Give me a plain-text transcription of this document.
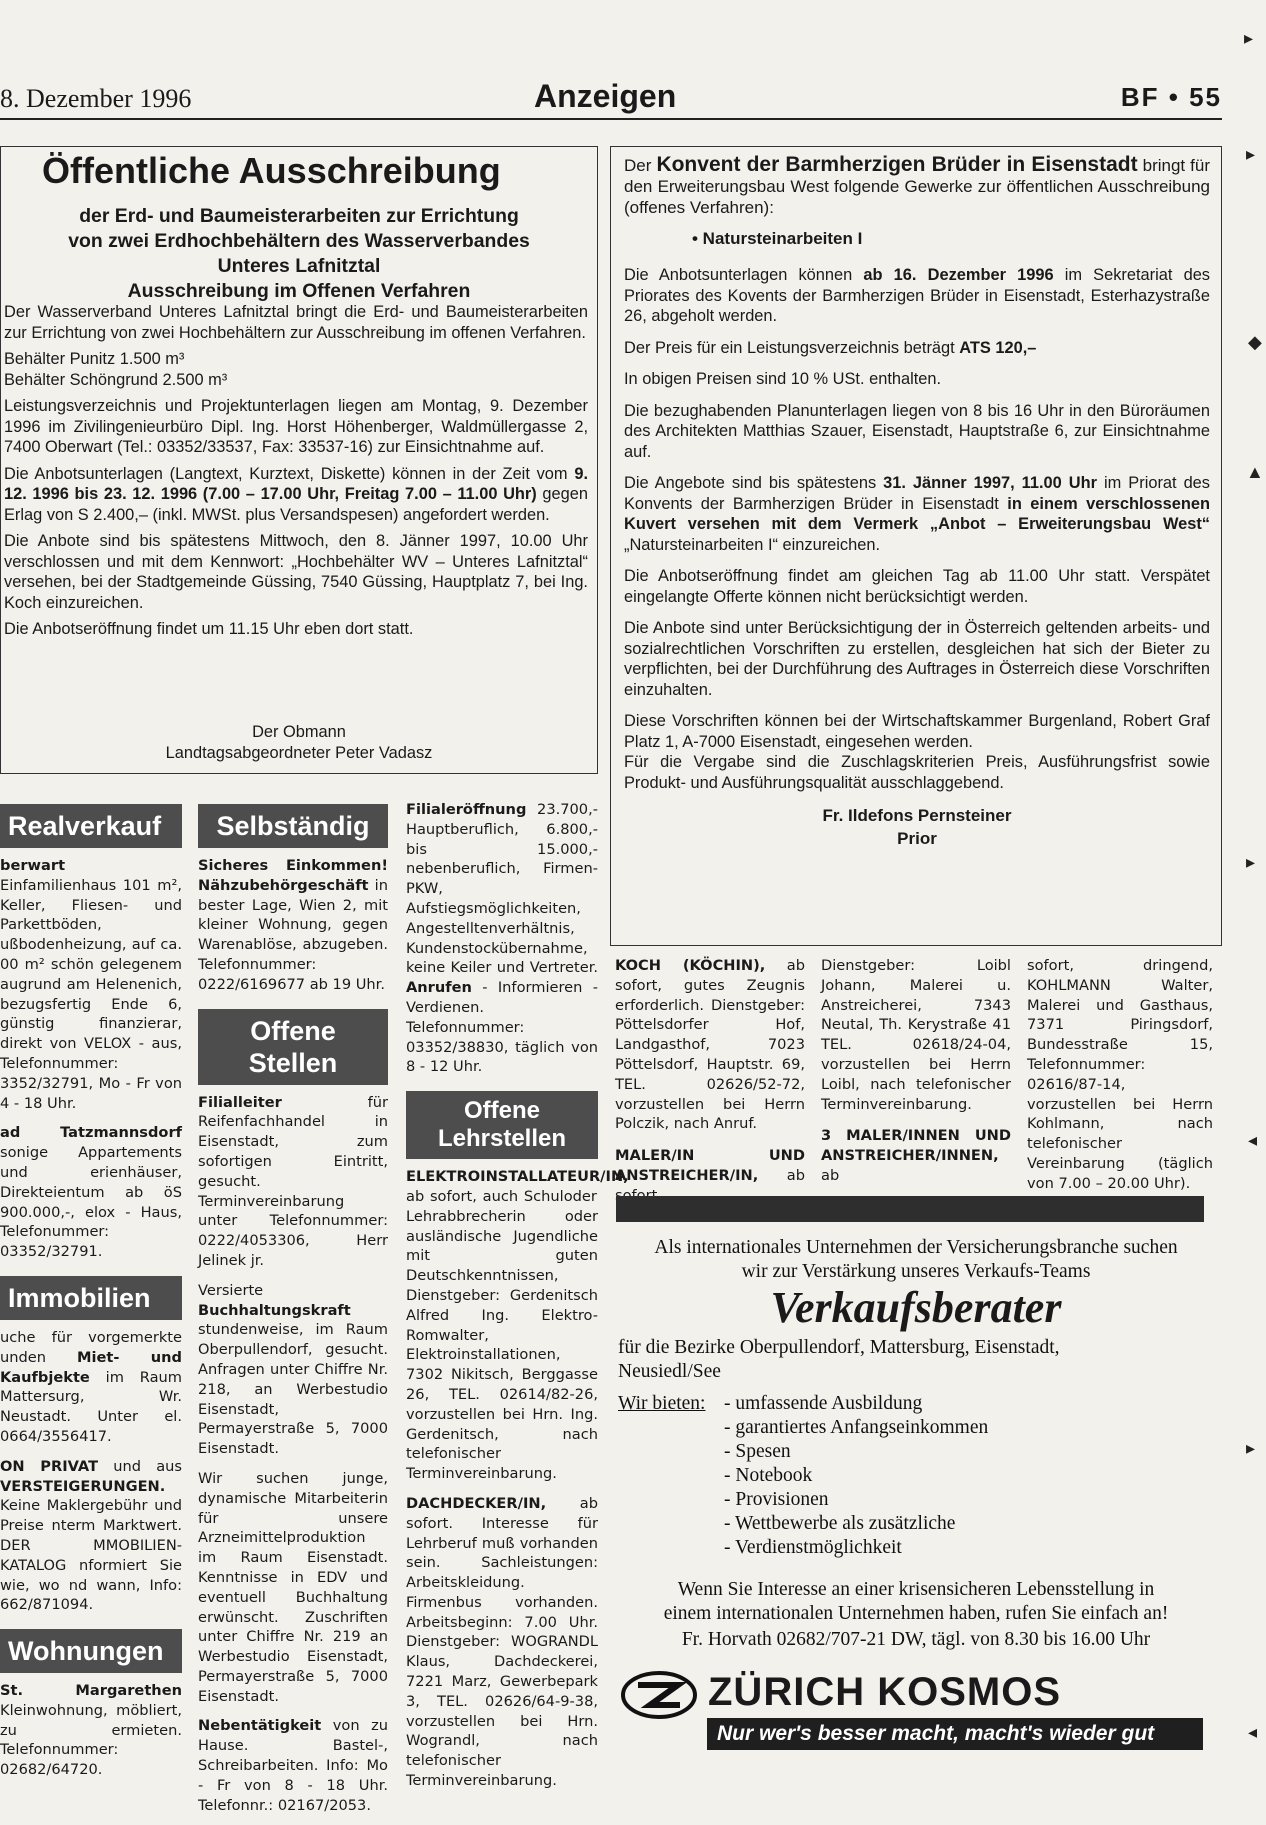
8. Dezember 1996	Anzeigen	BF • 55
Öffentliche Ausschreibung
der Erd- und Baumeisterarbeiten zur Errichtung
von zwei Erdhochbehältern des Wasserverbandes
Unteres Lafnitztal
Ausschreibung im Offenen Verfahren

Der Wasserverband Unteres Lafnitztal bringt die Erd- und Baumeisterarbeiten zur Errichtung von zwei Hochbehältern zur Ausschreibung im offenen Verfahren.

Behälter Punitz 1.500 m³

Behälter Schöngrund 2.500 m³

Leistungsverzeichnis und Projektunterlagen liegen am Montag, 9. Dezember 1996 im Zivilingenieurbüro Dipl. Ing. Horst Höhenberger, Waldmüllergasse 2, 7400 Oberwart (Tel.: 03352/33537, Fax: 33537-16) zur Einsichtnahme auf.

Die Anbotsunterlagen (Langtext, Kurztext, Diskette) können in der Zeit vom 9. 12. 1996 bis 23. 12. 1996 (7.00 – 17.00 Uhr, Freitag 7.00 – 11.00 Uhr) gegen Erlag von S 2.400,– (inkl. MWSt. plus Versandspesen) angefordert werden.

Die Anbote sind bis spätestens Mittwoch, den 8. Jänner 1997, 10.00 Uhr verschlossen und mit dem Kennwort: „Hochbehälter WV – Unteres Lafnitztal“ versehen, bei der Stadtgemeinde Güssing, 7540 Güssing, Hauptplatz 7, bei Ing. Koch einzureichen.

Die Anbotseröffnung findet um 11.15 Uhr eben dort statt.

Der Obmann
Landtagsabgeordneter Peter Vadasz

Der Konvent der Barmherzigen Brüder in Eisenstadt bringt für den Erweiterungsbau West folgende Gewerke zur öffentlichen Ausschreibung (offenes Verfahren):

• Natursteinarbeiten I

Die Anbotsunterlagen können ab 16. Dezember 1996 im Sekretariat des Priorates des Kovents der Barmherzigen Brüder in Eisenstadt, Esterhazystraße 26, abgeholt werden.

Der Preis für ein Leistungsverzeichnis beträgt ATS 120,–

In obigen Preisen sind 10 % USt. enthalten.

Die bezughabenden Planunterlagen liegen von 8 bis 16 Uhr in den Büroräumen des Architekten Matthias Szauer, Eisenstadt, Hauptstraße 6, zur Einsichtnahme auf.

Die Angebote sind bis spätestens 31. Jänner 1997, 11.00 Uhr im Priorat des Konvents der Barmherzigen Brüder in Eisenstadt in einem verschlossenen Kuvert versehen mit dem Vermerk „Anbot – Erweiterungsbau West“ „Natursteinarbeiten I“ einzureichen.

Die Anbotseröffnung findet am gleichen Tag ab 11.00 Uhr statt. Verspätet eingelangte Offerte können nicht berücksichtigt werden.

Die Anbote sind unter Berücksichtigung der in Österreich geltenden arbeits- und sozialrechtlichen Vorschriften zu erstellen, desgleichen hat sich der Bieter zu verpflichten, bei der Durchführung des Auftrages in Österreich diese Vorschriften einzuhalten.

Diese Vorschriften können bei der Wirtschaftskammer Burgenland, Robert Graf Platz 1, A-7000 Eisenstadt, eingesehen werden.

Für die Vergabe sind die Zuschlagskriterien Preis, Ausführungsfrist sowie Produkt- und Ausführungsqualität ausschlaggebend.

Fr. Ildefons Pernsteiner
Prior
Realverkauf

berwart Einfamilienhaus 101 m², Keller, Fliesen- und Parkettböden, ußbodenheizung, auf ca. 00 m² schön gelegenem augrund am Helenenich, bezugsfertig Ende 6, günstig finanzierar, direkt von VELOX - aus, Telefonnummer: 3352/32791, Mo - Fr von 4 - 18 Uhr.

ad Tatzmannsdorf sonige Appartements und erienhäuser, Direkteientum ab öS 900.000,-, elox - Haus, Telefonummer: 03352/32791.

Immobilien

uche für vorgemerkte unden Miet- und Kaufbjekte im Raum Mattersurg, Wr. Neustadt. Unter el. 0664/3556417.

ON PRIVAT und aus VERSTEIGERUNGEN. Keine Maklergebühr und Preise nterm Marktwert. DER MMOBILIEN-KATALOG nformiert Sie wie, wo nd wann, Info: 662/871094.

Wohnungen

St. Margarethen Kleinwohnung, möbliert, zu ermieten. Telefonnummer: 02682/64720.

Selbständig

Sicheres Einkommen! Nähzubehörgeschäft in bester Lage, Wien 2, mit kleiner Wohnung, gegen Warenablöse, abzugeben. Telefonnummer: 0222/6169677 ab 19 Uhr.

Offene Stellen

Filialleiter für Reifenfachhandel in Eisenstadt, zum sofortigen Eintritt, gesucht. Terminvereinbarung unter Telefonnummer: 0222/4053306, Herr Jelinek jr.

Versierte Buchhaltungskraft stundenweise, im Raum Oberpullendorf, gesucht. Anfragen unter Chiffre Nr. 218, an Werbestudio Eisenstadt, Permayerstraße 5, 7000 Eisenstadt.

Wir suchen junge, dynamische Mitarbeiterin für unsere Arzneimittelproduktion im Raum Eisenstadt. Kenntnisse in EDV und eventuell Buchhaltung erwünscht. Zuschriften unter Chiffre Nr. 219 an Werbestudio Eisenstadt, Permayerstraße 5, 7000 Eisenstadt.

Nebentätigkeit von zu Hause. Bastel-, Schreibarbeiten. Info: Mo - Fr von 8 - 18 Uhr. Telefonnr.: 02167/2053.

Filialeröffnung 23.700,- Hauptberuflich, 6.800,- bis 15.000,- nebenberuflich, Firmen-PKW, Aufstiegsmöglichkeiten, Angestelltenverhältnis, Kundenstockübernahme, keine Keiler und Vertreter. Anrufen - Informieren - Verdienen. Telefonnummer: 03352/38830, täglich von 8 - 12 Uhr.

Offene
Lehrstellen

ELEKTROINSTALLATEUR/IN, ab sofort, auch Schuloder Lehrabbrecherin oder ausländische Jugendliche mit guten Deutschkenntnissen, Dienstgeber: Gerdenitsch Alfred Ing. Elektro-Romwalter, Elektroinstallationen, 7302 Nikitsch, Berggasse 26, TEL. 02614/82-26, vorzustellen bei Hrn. Ing. Gerdenitsch, nach telefonischer Terminvereinbarung.

DACHDECKER/IN, ab sofort. Interesse für Lehrberuf muß vorhanden sein. Sachleistungen: Arbeitskleidung. Firmenbus vorhanden. Arbeitsbeginn: 7.00 Uhr. Dienstgeber: WOGRANDL Klaus, Dachdeckerei, 7221 Marz, Gewerbepark 3, TEL. 02626/64-9-38, vorzustellen bei Hrn. Wograndl, nach telefonischer Terminvereinbarung.

KOCH (KÖCHIN), ab sofort, gutes Zeugnis erforderlich. Dienstgeber: Pöttelsdorfer Hof, Landgasthof, 7023 Pöttelsdorf, Hauptstr. 69, TEL. 02626/52-72, vorzustellen bei Herrn Polczik, nach Anruf.

MALER/IN UND ANSTREICHER/IN, ab

Dienstgeber: Loibl Johann, Malerei u. Anstreicherei, 7343 Neutal, Th. Kerystraße 41 TEL. 02618/24-04, vorzustellen bei Herrn Loibl, nach telefonischer Terminvereinbarung.

3 MALER/INNEN UND ANSTREICHER/INNEN, ab

sofort, dringend, KOHLMANN Walter, Malerei und Gasthaus, 7371 Piringsdorf, Bundesstraße 15, Telefonnummer: 02616/87-14, vorzustellen bei Herrn Kohlmann, nach telefonischer Vereinbarung (täglich von 7.00 – 20.00 Uhr).

Als internationales Unternehmen der Versicherungsbranche suchen
wir zur Verstärkung unseres Verkaufs-Teams
Verkaufsberater
für die Bezirke Oberpullendorf, Mattersburg, Eisenstadt,
Neusiedl/See
Wir bieten: - umfassende Ausbildung
- garantiertes Anfangseinkommen
- Spesen
- Notebook
- Provisionen
- Wettbewerbe als zusätzliche
- Verdienstmöglichkeit
Wenn Sie Interesse an einer krisensicheren Lebensstellung in
einem internationalen Unternehmen haben, rufen Sie einfach an!
Fr. Horvath 02682/707-21 DW, tägl. von 8.30 bis 16.00 Uhr
ZÜRICH KOSMOS
Nur wer's besser macht, macht's wieder gut
▸
▸
◆
▲
▸
◂
▸
◂
